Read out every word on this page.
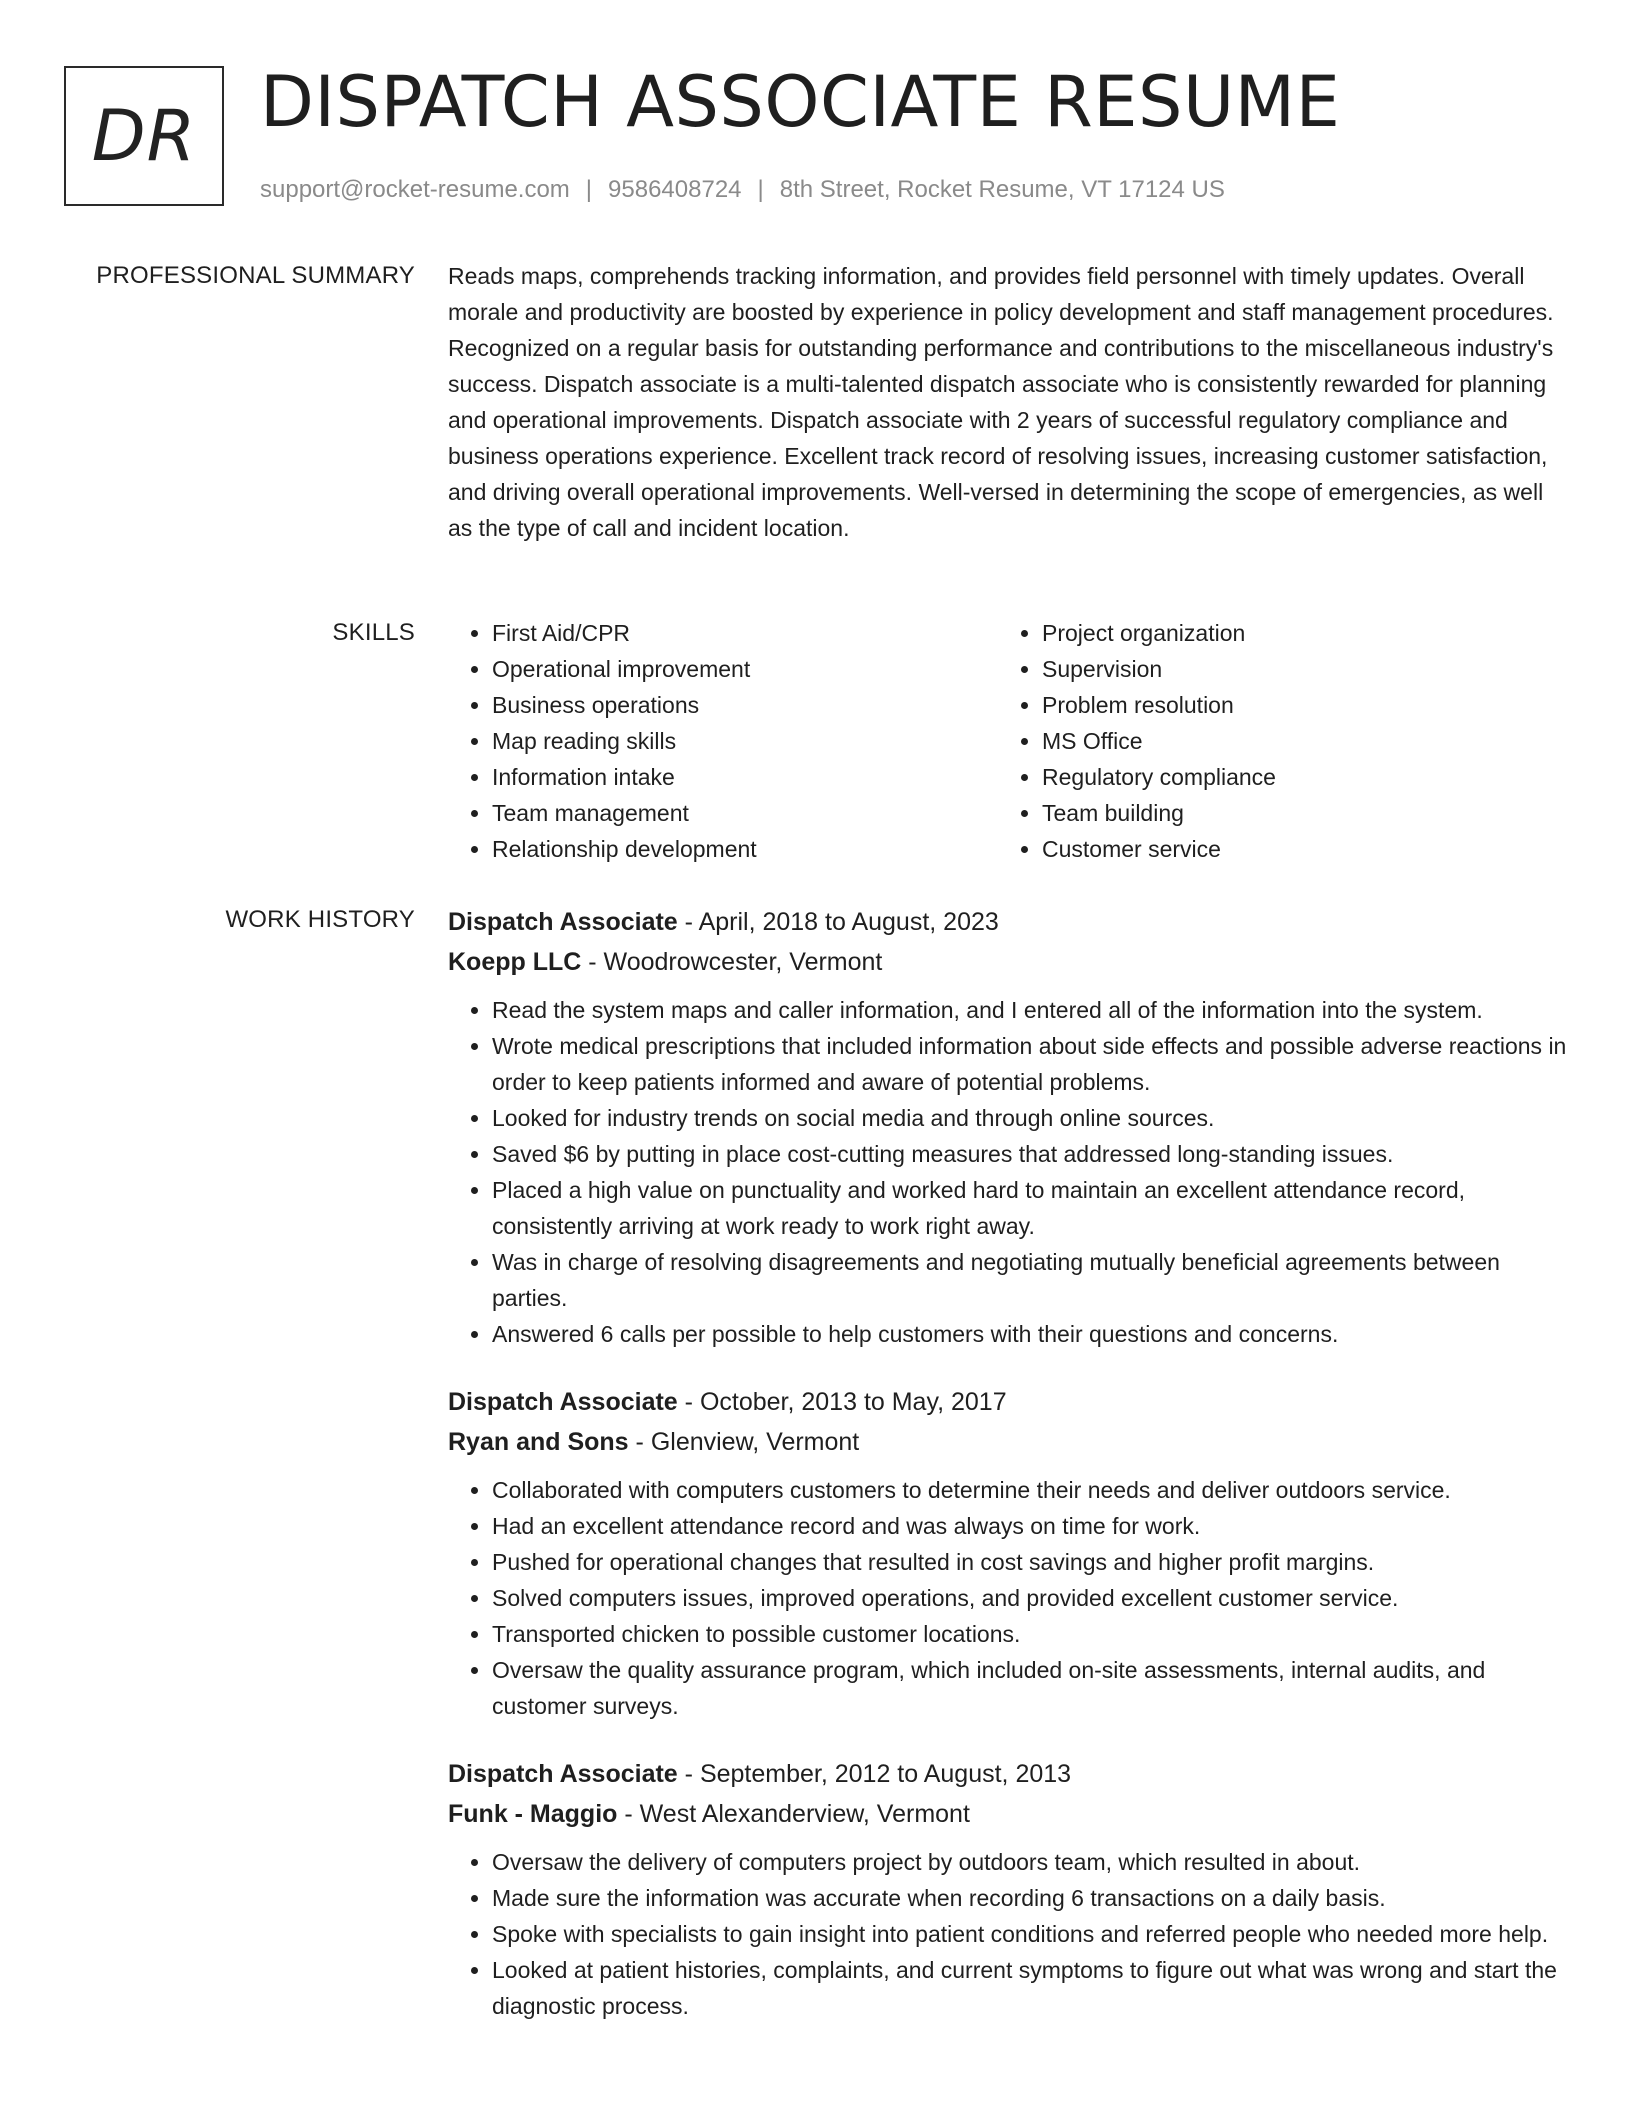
DR DISPATCH ASSOCIATE RESUME
support@rocket-resume.com | 9586408724 | 8th Street, Rocket Resume, VT 17124 US
PROFESSIONAL SUMMARY Reads maps, comprehends tracking information, and provides field personnel with timely updates. Overall morale and productivity are boosted by experience in policy development and staff management procedures. Recognized on a regular basis for outstanding performance and contributions to the miscellaneous industry's success. Dispatch associate is a multi-talented dispatch associate who is consistently rewarded for planning and operational improvements. Dispatch associate with 2 years of successful regulatory compliance and business operations experience. Excellent track record of resolving issues, increasing customer satisfaction, and driving overall operational improvements. Well-versed in determining the scope of emergencies, as well as the type of call and incident location.

SKILLS
•	First Aid/CPR
• Operational improvement
• Business operations
• Map reading skills
• Information intake
• Team management
• Relationship development
• Project organization
• Supervision
• Problem resolution
• MS Office
• Regulatory compliance
• Team building
• Customer service
WORK HISTORY Dispatch Associate - April, 2018 to August, 2023
Koepp LLC - Woodrowcester, Vermont
• Read the system maps and caller information, and I entered all of the information into the system.
• Wrote medical prescriptions that included information about side effects and possible adverse reactions in order to keep patients informed and aware of potential problems.
• Looked for industry trends on social media and through online sources.
• Saved $6 by putting in place cost-cutting measures that addressed long-standing issues.
• Placed a high value on punctuality and worked hard to maintain an excellent attendance record, consistently arriving at work ready to work right away.
• Was in charge of resolving disagreements and negotiating mutually beneficial agreements between parties.
• Answered 6 calls per possible to help customers with their questions and concerns.
Dispatch Associate - October, 2013 to May, 2017
Ryan and Sons - Glenview, Vermont
• Collaborated with computers customers to determine their needs and deliver outdoors service.
• Had an excellent attendance record and was always on time for work.
• Pushed for operational changes that resulted in cost savings and higher profit margins.
• Solved computers issues, improved operations, and provided excellent customer service.
• Transported chicken to possible customer locations.
• Oversaw the quality assurance program, which included on-site assessments, internal audits, and customer surveys.
Dispatch Associate - September, 2012 to August, 2013
Funk - Maggio - West Alexanderview, Vermont
• Oversaw the delivery of computers project by outdoors team, which resulted in about.
• Made sure the information was accurate when recording 6 transactions on a daily basis.
• Spoke with specialists to gain insight into patient conditions and referred people who needed more help.
• Looked at patient histories, complaints, and current symptoms to figure out what was wrong and start the diagnostic process.
